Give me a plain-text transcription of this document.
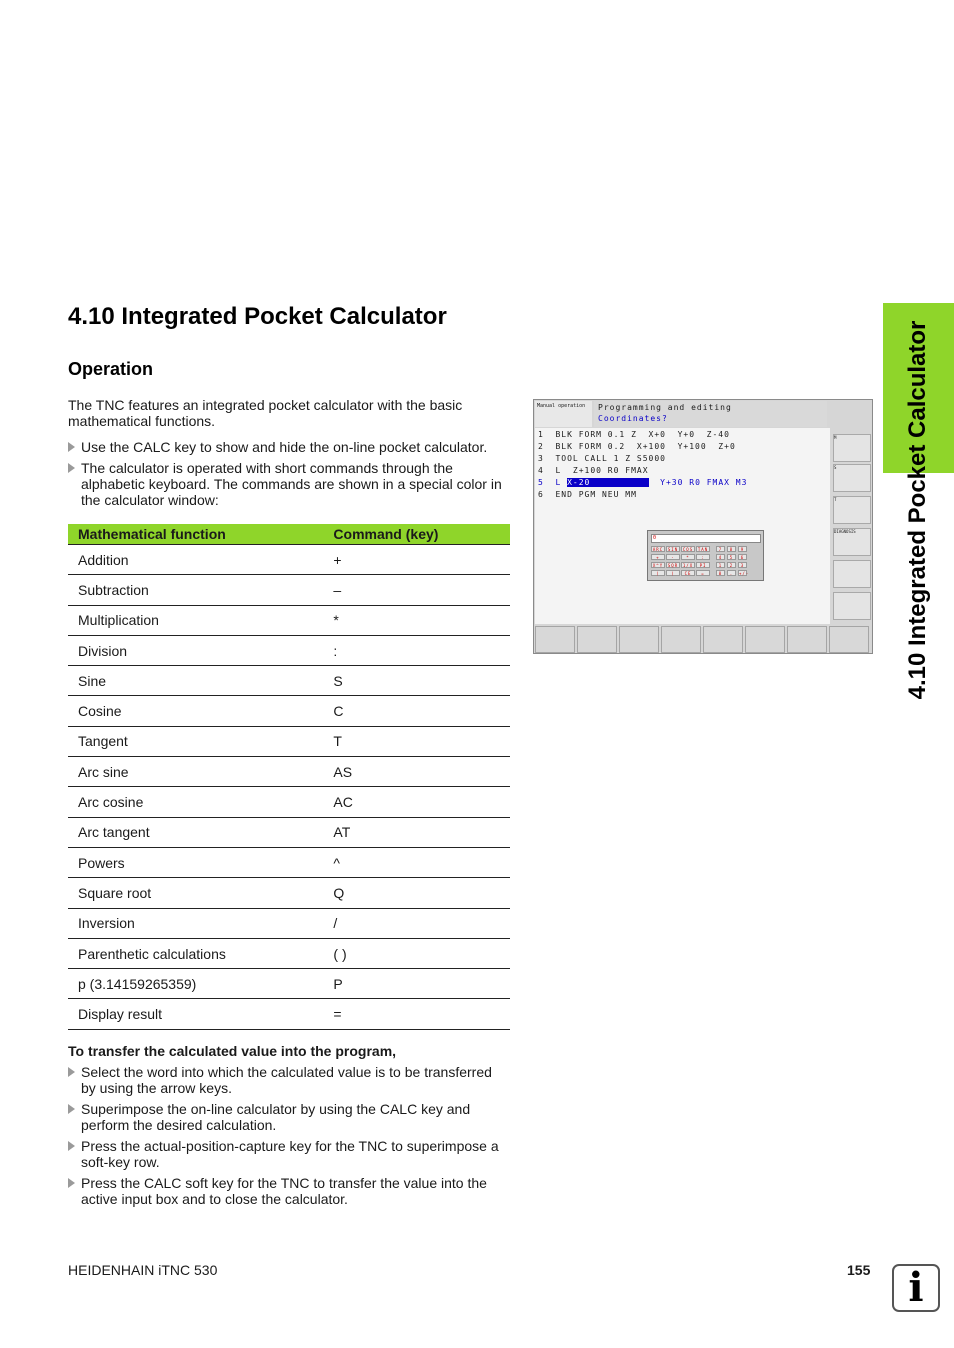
4.10 Integrated Pocket Calculator
Operation
The TNC features an integrated pocket calculator with the basic mathematical functions.
Use the CALC key to show and hide the on-line pocket calculator.
The calculator is operated with short commands through the alphabetic keyboard. The commands are shown in a special color in the calculator window:
Mathematical function	Command (key)
Addition	+
Subtraction	–
Multiplication	*
Division	:
Sine	S
Cosine	C
Tangent	T
Arc sine	AS
Arc cosine	AC
Arc tangent	AT
Powers	^
Square root	Q
Inversion	/
Parenthetic calculations	( )
p (3.14159265359)	P
Display result	=
To transfer the calculated value into the program,
Select the word into which the calculated value is to be transferred by using the arrow keys.
Superimpose the on-line calculator by using the CALC key and perform the desired calculation.
Press the actual-position-capture key for the TNC to superimpose a soft-key row.
Press the CALC soft key for the TNC to transfer the value into the active input box and to close the calculator.
4.10 Integrated Pocket Calculator
Manual operation	Programming and editing
Coordinates?
1  BLK FORM 0.1 Z  X+0  Y+0  Z-40
2  BLK FORM 0.2  X+100  Y+100  Z+0
3  TOOL CALL 1 Z S5000
4  L  Z+100 R0 FMAX
5  L X-20	Y+30 R0 FMAX M3
6  END PGM NEU MM

0

ARC	SIN	COS	TAN	7	8	9
+	-	*	:	4	5	6
X^Y	SQR	1/X	PI	1	2	3
(	)	CE	=	0	.	+/-

M
S
T
DIAGNOSIS
HEIDENHAIN iTNC 530	155 i
